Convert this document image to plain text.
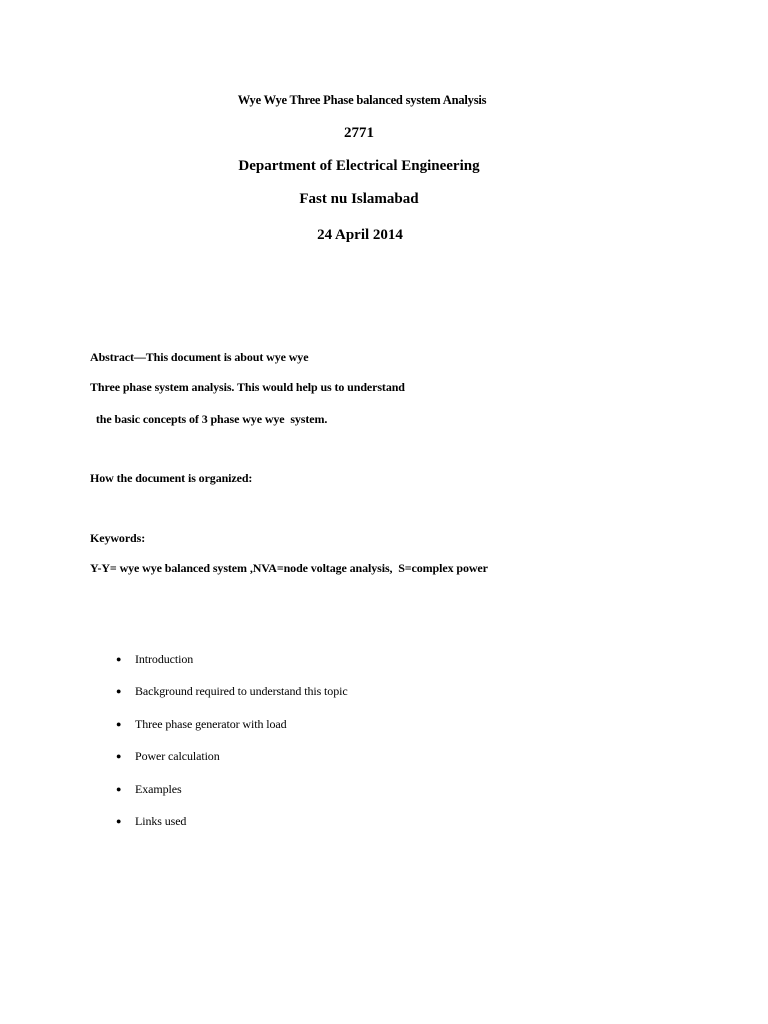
Wye Wye Three Phase balanced system Analysis
2771
Department of Electrical Engineering
Fast nu Islamabad
24 April 2014
Abstract—This document is about wye wye
Three phase system analysis. This would help us to understand
the basic concepts of 3 phase wye wye  system.
How the document is organized:
Keywords:
Y-Y= wye wye balanced system ,NVA=node voltage analysis,  S=complex power
● Introduction
● Background required to understand this topic
● Three phase generator with load
● Power calculation
● Examples
● Links used
